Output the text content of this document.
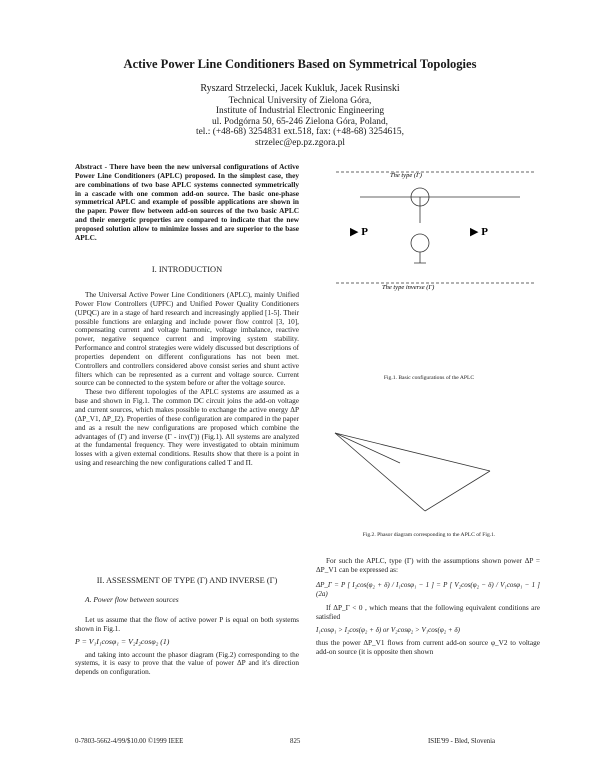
Active Power Line Conditioners Based on Symmetrical Topologies
Ryszard Strzelecki, Jacek Kukluk, Jacek Rusinski
Technical University of Zielona Góra,
Institute of Industrial Electronic Engineering
ul. Podgórna 50, 65-246 Zielona Góra, Poland,
tel.: (+48-68) 3254831 ext.518, fax: (+48-68) 3254615,
strzelec@ep.pz.zgora.pl
Abstract - There have been the new universal configurations of Active Power Line Conditioners (APLC) proposed. In the simplest case, they are combinations of two base APLC systems connected symmetrically in a cascade with one common add-on source. The basic one-phase symmetrical APLC and example of possible applications are shown in the paper. Power flow between add-on sources of the two basic APLC and their energetic properties are compared to indicate that the new proposed solution allow to minimize losses and are superior to the base APLC.
I. INTRODUCTION

The Universal Active Power Line Conditioners (APLC), mainly Unified Power Flow Controllers (UPFC) and Unified Power Quality Conditioners (UPQC) are in a stage of hard research and increasingly applied [1-5]. Their possible functions are enlarging and include power flow control [3, 10], compensating current and voltage harmonic, voltage imbalance, reactive power, negative sequence current and improving system stability. Performance and control strategies were widely discussed but descriptions of properties dependent on different configurations has not been met. Controllers and controllers considered above consist series and shunt active filters which can be represented as a current and voltage source. Current source can be connected to the system before or after the voltage source.

These two different topologies of the APLC systems are assumed as a base and shown in Fig.1. The common DC circuit joins the add-on voltage and current sources, which makes possible to exchange the active energy ΔP (ΔP_V1, ΔP_I2). Properties of these configuration are compared in the paper and as a result the new configurations are proposed which combine the advantages of (Γ) and inverse (Γ - inv(Γ)) (Fig.1). All systems are analyzed at the fundamental frequency. They were investigated to obtain minimum losses with a given external conditions. Results show that there is a point in using and researching the new configurations called T and Π.

II. ASSESSMENT OF TYPE (Γ) AND INVERSE (Γ)
A. Power flow between sources

Let us assume that the flow of active power P is equal on both systems shown in Fig.1.

P = V₁I₁cosφ₁ = V₂I₂cosφ₂ (1)

and taking into account the phasor diagram (Fig.2) corresponding to the systems, it is easy to prove that the value of power ΔP and it's direction depends on configuration.

The type (Γ)
The type inverse (Γ)
▶ P	▶ P
Fig.1. Basic configurations of the APLC
Fig.2. Phasor diagram corresponding to the APLC of Fig.1.

For such the APLC, type (Γ) with the assumptions shown power ΔP = ΔP_V1 can be expressed as:

ΔP_Γ = P [ I₂cos(φ₂ + δ) / I₁cosφ₁ − 1 ] = P [ V₂cos(φ₂ − δ) / V₁cosφ₁ − 1 ] (2a)

If ΔP_Γ < 0 , which means that the following equivalent conditions are satisfied

I₁cosφ₁ > I₂cos(φ₂ + δ) or V₂cosφ₂ > V₁cos(φ₂ + δ)

thus the power ΔP_V1 flows from current add-on source φ_V2 to voltage add-on source (it is opposite then shown

0-7803-5662-4/99/$10.00 ©1999 IEEE	825	ISIE'99 - Bled, Slovenia
